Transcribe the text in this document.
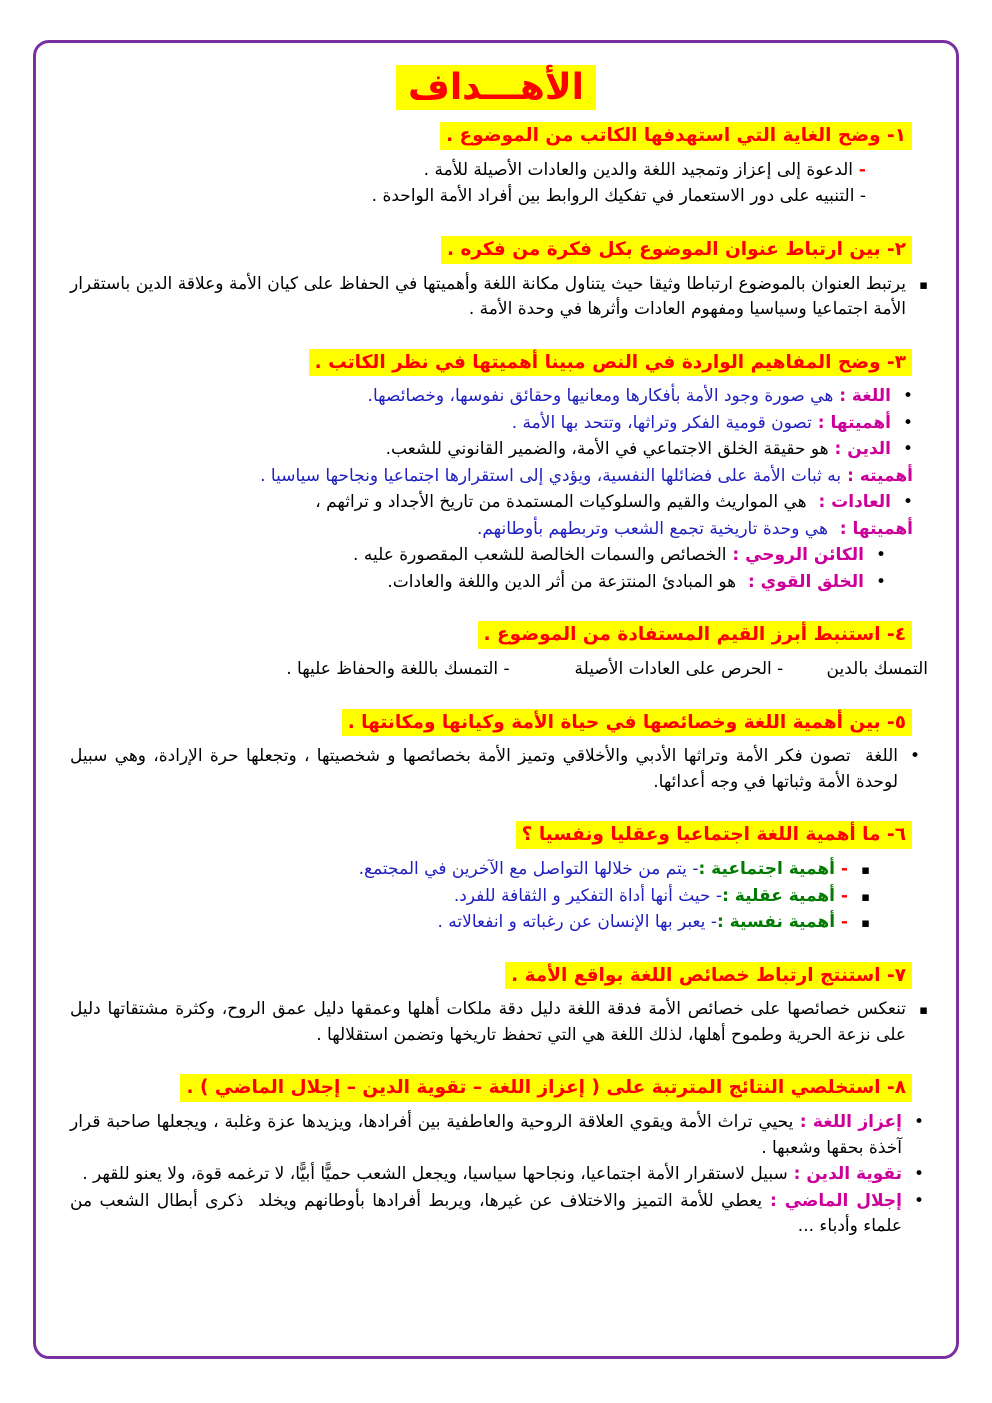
الأهـــداف
١- وضح الغاية التي استهدفها الكاتب من الموضوع .
- الدعوة إلى إعزاز وتمجيد اللغة والدين والعادات الأصيلة للأمة .
- التنبيه على دور الاستعمار في تفكيك الروابط بين أفراد الأمة الواحدة .
٢- بين ارتباط عنوان الموضوع بكل فكرة من فكره .
▪
يرتبط العنوان بالموضوع ارتباطا وثيقا حيث يتناول مكانة اللغة وأهميتها في الحفاظ على كيان الأمة وعلاقة الدين باستقرار الأمة اجتماعيا وسياسيا ومفهوم العادات وأثرها في وحدة الأمة .
٣- وضح المفاهيم الواردة في النص مبينا أهميتها في نظر الكاتب .
•
اللغة : هي صورة وجود الأمة بأفكارها ومعانيها وحقائق نفوسها، وخصائصها.
•
أهميتها : تصون قومية الفكر وتراثها، وتتحد بها الأمة .
•
الدين : هو حقيقة الخلق الاجتماعي في الأمة، والضمير القانوني للشعب.
أهميته : به ثبات الأمة على فضائلها النفسية، ويؤدي إلى استقرارها اجتماعيا ونجاحها سياسيا .
•
العادات :  هي المواريث والقيم والسلوكيات المستمدة من تاريخ الأجداد و تراثهم ،
أهميتها :  هي وحدة تاريخية تجمع الشعب وتربطهم بأوطانهم.
•
الكائن الروحي : الخصائص والسمات الخالصة للشعب المقصورة عليه .
•
الخلق القوي :  هو المبادئ المنتزعة من أثر الدين واللغة والعادات.
٤- استنبط أبرز القيم المستفادة من الموضوع .
التمسك بالدين        - الحرص على العادات الأصيلة            - التمسك باللغة والحفاظ عليها .
٥- بين أهمية اللغة وخصائصها في حياة الأمة وكيانها ومكانتها .
•
اللغة  تصون فكر الأمة وتراثها الأدبي والأخلاقي وتميز الأمة بخصائصها و شخصيتها ، وتجعلها حرة الإرادة، وهي سبيل لوحدة الأمة وثباتها في وجه أعدائها.
٦- ما أهمية اللغة اجتماعيا وعقليا ونفسيا ؟
▪
- أهمية اجتماعية :- يتم من خلالها التواصل مع الآخرين في المجتمع.
▪
- أهمية عقلية :- حيث أنها أداة التفكير و الثقافة للفرد.
▪
- أهمية نفسية :- يعبر بها الإنسان عن رغباته و انفعالاته .
٧- استنتج ارتباط خصائص اللغة بواقع الأمة .
▪
تنعكس خصائصها على خصائص الأمة فدقة اللغة دليل دقة ملكات أهلها وعمقها دليل عمق الروح، وكثرة مشتقاتها دليل على نزعة الحرية وطموح أهلها، لذلك اللغة هي التي تحفظ تاريخها وتضمن استقلالها .
٨- استخلصي النتائج المترتبة على ( إعزاز اللغة – تقوية الدين – إجلال الماضي ) .
•
إعزاز اللغة : يحيي تراث الأمة ويقوي العلاقة الروحية والعاطفية بين أفرادها، ويزيدها عزة وغلبة ، ويجعلها صاحبة قرار آخذة بحقها وشعبها .
•
تقوية الدين : سبيل لاستقرار الأمة اجتماعيا، ونجاحها سياسيا، ويجعل الشعب حميًّا أبيًّا، لا ترغمه قوة، ولا يعنو للقهر .
•
إجلال الماضي : يعطي للأمة التميز والاختلاف عن غيرها، ويربط أفرادها بأوطانهم ويخلد  ذكرى أبطال الشعب من علماء وأدباء ...
